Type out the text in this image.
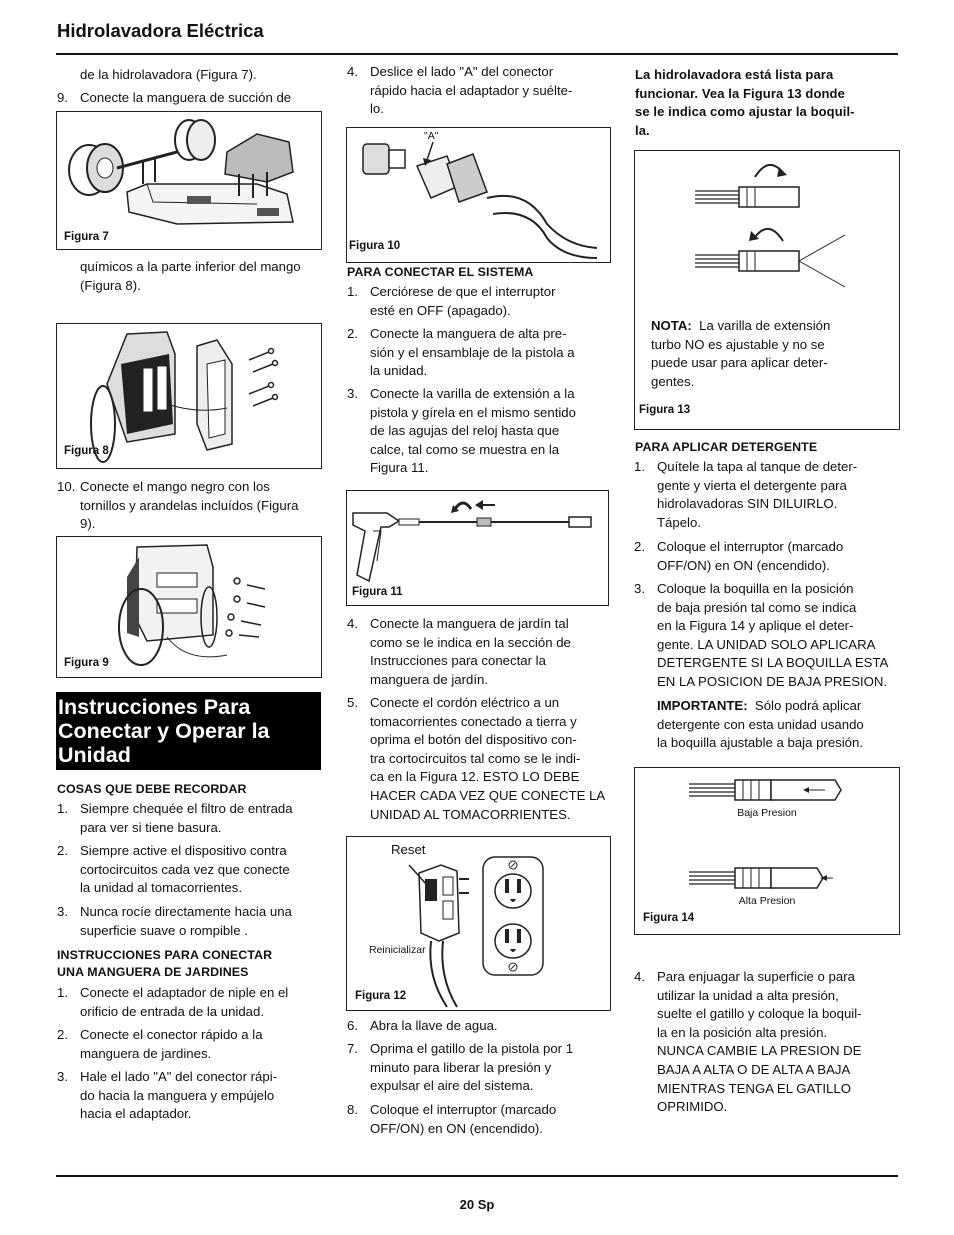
Hidrolavadora Eléctrica
de la hidrolavadora (Figura 7).
9. Conecte la manguera de succión de
Figura 7
químicos a la parte inferior del mango
(Figura 8).
Figura 8
10. Conecte el mango negro con los
tornillos y arandelas incluídos (Figura
9).
Figura 9
Instrucciones Para
Conectar y Operar la
Unidad
COSAS QUE DEBE RECORDAR
1. Siempre chequée el filtro de entrada
para ver si tiene basura.
2. Siempre active el dispositivo contra
cortocircuitos cada vez que conecte
la unidad al tomacorrientes.
3. Nunca rocíe directamente hacia una
superficie suave o rompible .
INSTRUCCIONES PARA CONECTAR
UNA MANGUERA DE JARDINES
1. Conecte el adaptador de niple en el
orificio de entrada de la unidad.
2. Conecte el conector rápido a la
manguera de jardines.
3. Hale el lado "A" del conector rápi-
do hacia la manguera y empújelo
hacia el adaptador.
4. Deslice el lado "A" del conector
rápido hacia el adaptador y suélte-
lo.
"A"
Figura 10
PARA CONECTAR EL SISTEMA
1. Cerciórese de que el interruptor
esté en OFF (apagado).
2. Conecte la manguera de alta pre-
sión y el ensamblaje de la pistola a
la unidad.
3. Conecte la varilla de extensión a la
pistola y gírela en el mismo sentido
de las agujas del reloj hasta que
calce, tal como se muestra en la
Figura 11.
Figura 11
4. Conecte la manguera de jardín tal
como se le indica en la sección de
Instrucciones para conectar la
manguera de jardín.
5. Conecte el cordón eléctrico a un
tomacorrientes conectado a tierra y
oprima el botón del dispositivo con-
tra cortocircuitos tal como se le indi-
ca en la Figura 12. ESTO LO DEBE
HACER CADA VEZ QUE CONECTE LA
UNIDAD AL TOMACORRIENTES.
Reset
Reinicializar
Figura 12
6. Abra la llave de agua.
7. Oprima el gatillo de la pistola por 1
minuto para liberar la presión y
expulsar el aire del sistema.
8. Coloque el interruptor (marcado
OFF/ON) en ON (encendido).
La hidrolavadora está lista para
funcionar. Vea la Figura 13 donde
se le indica como ajustar la boquil-
la.
NOTA: La varilla de extensión
turbo NO es ajustable y no se
puede usar para aplicar deter-
gentes.
Figura 13
PARA APLICAR DETERGENTE
1. Quítele la tapa al tanque de deter-
gente y vierta el detergente para
hidrolavadoras SIN DILUIRLO.
Tápelo.
2. Coloque el interruptor (marcado
OFF/ON) en ON (encendido).
3. Coloque la boquilla en la posición
de baja presión tal como se indica
en la Figura 14 y aplique el deter-
gente. LA UNIDAD SOLO APLICARA
DETERGENTE SI LA BOQUILLA ESTA
EN LA POSICION DE BAJA PRESION.
IMPORTANTE: Sólo podrá aplicar
detergente con esta unidad usando
la boquilla ajustable a baja presión.
Baja Presion
Alta Presion
Figura 14
4. Para enjuagar la superficie o para
utilizar la unidad a alta presión,
suelte el gatillo y coloque la boquil-
la en la posición alta presión.
NUNCA CAMBIE LA PRESION DE
BAJA A ALTA O DE ALTA A BAJA
MIENTRAS TENGA EL GATILLO
OPRIMIDO.
20 Sp
